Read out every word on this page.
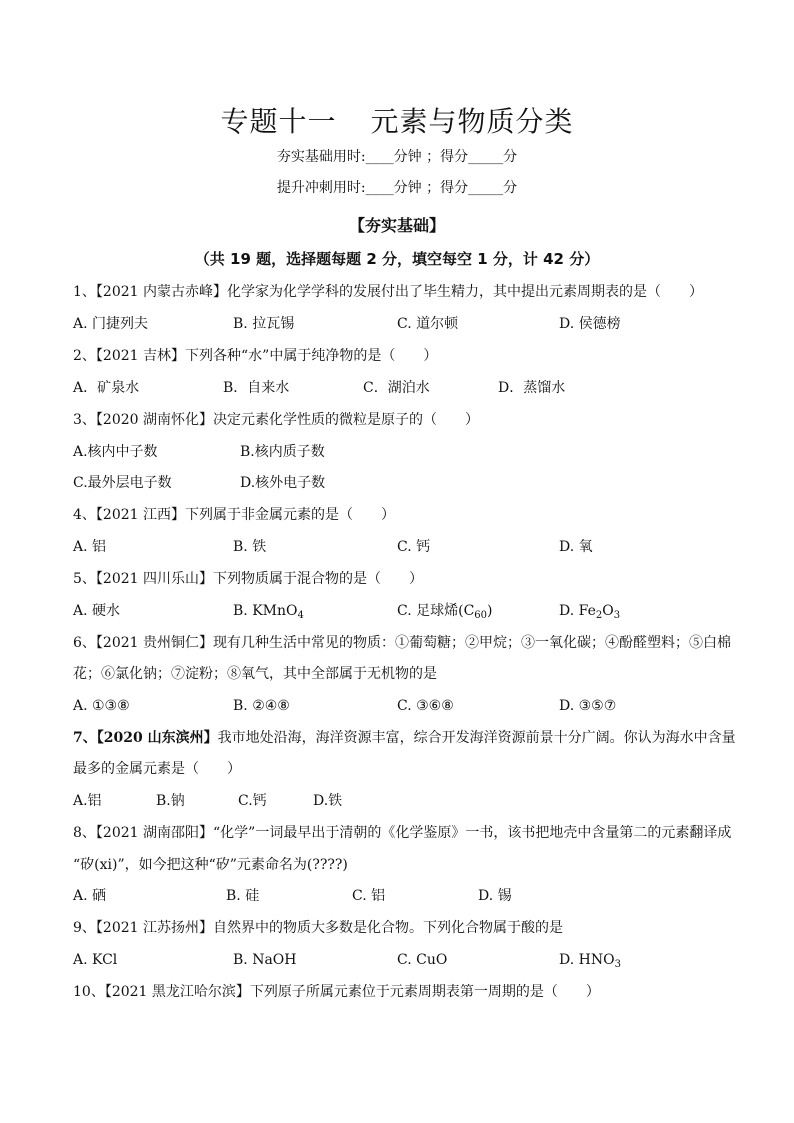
专题十一 元素与物质分类
夯实基础用时:____分钟 ；得分_____分
提升冲刺用时:____分钟 ；得分_____分
【夯实基础】
（共 19 题，选择题每题 2 分，填空每空 1 分，计 42 分）
1、【2021 内蒙古赤峰】化学家为化学学科的发展付出了毕生精力，其中提出元素周期表的是（　　）
A. 门捷列夫	B. 拉瓦锡	C. 道尔顿	D. 侯德榜
2、【2021 吉林】下列各种“水”中属于纯净物的是（　　）
A．矿泉水	B．自来水	C．湖泊水	D．蒸馏水
3、【2020 湖南怀化】决定元素化学性质的微粒是原子的（　　）
A.核内中子数	B.核内质子数
C.最外层电子数	D.核外电子数
4、【2021 江西】下列属于非金属元素的是（　　）
A. 铝	B. 铁	C. 钙	D. 氧
5、【2021 四川乐山】下列物质属于混合物的是（　　）
A. 硬水	B. KMnO$_4$	C. 足球烯$(C_{60})$	D. $Fe_2O_3$
6、【2021 贵州铜仁】现有几种生活中常见的物质：①葡萄糖；②甲烷；③一氧化碳；④酚醛塑料；⑤白棉
花；⑥氯化钠；⑦淀粉；⑧氧气，其中全部属于无机物的是
A. ①③⑧	B. ②④⑧	C. ③⑥⑧	D. ③⑤⑦
7、【2020 山东滨州】我市地处沿海，海洋资源丰富，综合开发海洋资源前景十分广阔。你认为海水中含量
最多的金属元素是（　　）
A.铝	B.钠	C.钙	D.铁
8、【2021 湖南邵阳】“化学”一词最早出于清朝的《化学鉴原》一书，该书把地壳中含量第二的元素翻译成
“矽(xi)”，如今把这种“矽”元素命名为(????)
A. 硒	B. 硅	C. 铝	D. 锡
9、【2021 江苏扬州】自然界中的物质大多数是化合物。下列化合物属于酸的是
A. KCl	B. NaOH	C. CuO	D. $HNO_3$
10、【2021 黑龙江哈尔滨】下列原子所属元素位于元素周期表第一周期的是（　　）
